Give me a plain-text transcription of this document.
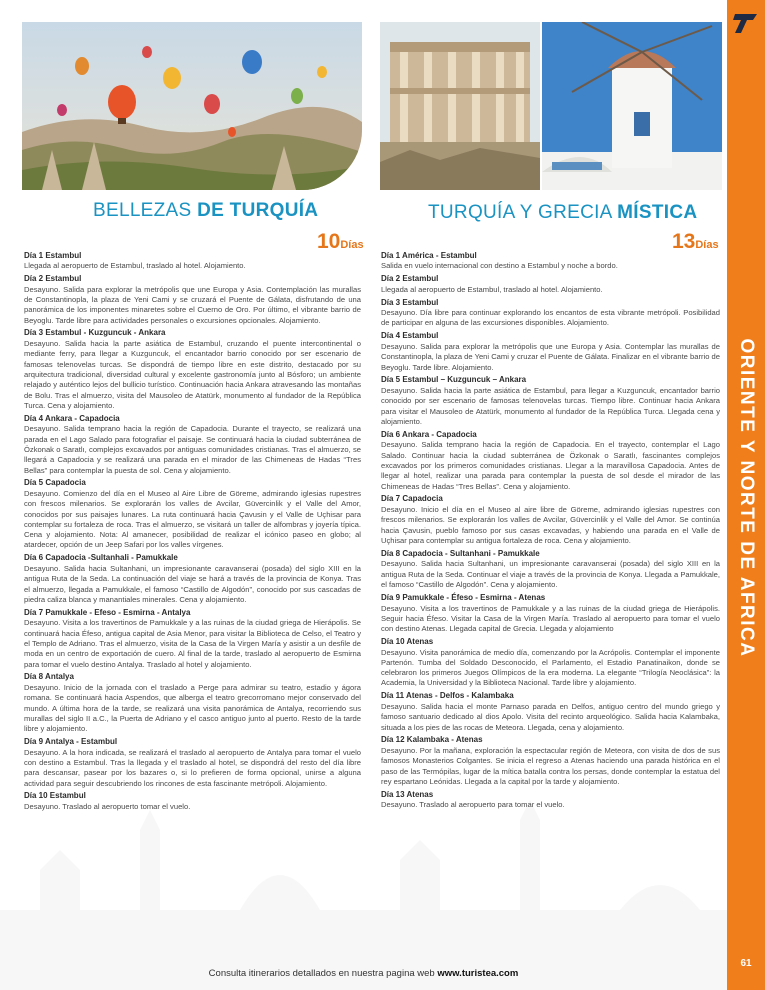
ORIENTE Y NORTE DE AFRICA
61
BELLEZAS DE TURQUÍA
10Días
TURQUÍA Y GRECIA MÍSTICA
13Días
Día 1 Estambul

Llegada al aeropuerto de Estambul, traslado al hotel. Alojamiento.

Día 2 Estambul

Desayuno. Salida para explorar la metrópolis que une Europa y Asia. Contemplación las murallas de Constantinopla, la plaza de Yeni Cami y se cruzará el Puente de Gálata, disfrutando de una panorámica de los imponentes minaretes sobre el Cuerno de Oro. Por último, el vibrante barrio de Beyoglu. Tarde libre para actividades personales o excursiones opcionales. Alojamiento.

Día 3 Estambul - Kuzguncuk - Ankara

Desayuno. Salida hacia la parte asiática de Estambul, cruzando el puente intercontinental o mediante ferry, para llegar a Kuzguncuk, el encantador barrio conocido por ser escenario de famosas telenovelas turcas. Se dispondrá de tiempo libre en este distrito, destacado por su arquitectura tradicional, diversidad cultural y excelente gastronomía junto al Bósforo; un ambiente relajado y auténtico lejos del bullicio turístico. Continuación hacia Ankara atravesando las montañas de Bolu. Tras el almuerzo, visita del Mausoleo de Atatürk, monumento al fundador de la República Turca. Cena y alojamiento.

Día 4 Ankara - Capadocia

Desayuno. Salida temprano hacia la región de Capadocia. Durante el trayecto, se realizará una parada en el Lago Salado para fotografiar el paisaje. Se continuará hacia la ciudad subterránea de Özkonak o Saratlı, complejos excavados por antiguas comunidades cristianas. Tras el almuerzo, se llegará a Capadocia y se realizará una parada en el mirador de las Chimeneas de Hadas “Tres Bellas” para contemplar la puesta de sol. Cena y alojamiento.

Día 5 Capadocia

Desayuno. Comienzo del día en el Museo al Aire Libre de Göreme, admirando iglesias rupestres con frescos milenarios. Se explorarán los valles de Avcilar, Güvercinlik y el Valle del Amor, conocidos por sus paisajes lunares. La ruta continuará hacia Çavusin y el Valle de Uçhisar para contemplar su fortaleza de roca. Tras el almuerzo, se visitará un taller de alfombras y joyería típica. Cena y alojamiento. Nota: Al amanecer, posibilidad de realizar el icónico paseo en globo; al atardecer, opción de un Jeep Safari por los valles vírgenes.

Día 6 Capadocia -Sultanhali - Pamukkale

Desayuno. Salida hacia Sultanhani, un impresionante caravanserai (posada) del siglo XIII en la antigua Ruta de la Seda. La continuación del viaje se hará a través de la provincia de Konya. Tras el almuerzo, llegada a Pamukkale, el famoso “Castillo de Algodón”, conocido por sus cascadas de piedra caliza blanca y manantiales minerales. Cena y alojamiento.

Día 7 Pamukkale - Efeso - Esmirna - Antalya

Desayuno. Visita a los travertinos de Pamukkale y a las ruinas de la ciudad griega de Hierápolis. Se continuará hacia Éfeso, antigua capital de Asia Menor, para visitar la Biblioteca de Celso, el Teatro y el Templo de Adriano. Tras el almuerzo, visita de la Casa de la Virgen María y asistir a un desfile de moda en un centro de exportación de cuero. Al final de la tarde, traslado al aeropuerto de Esmirna para tomar el vuelo destino Antalya. Traslado al hotel y alojamiento.

Día 8 Antalya

Desayuno. Inicio de la jornada con el traslado a Perge para admirar su teatro, estadio y ágora romana. Se continuará hacia Aspendos, que alberga el teatro grecorromano mejor conservado del mundo. A última hora de la tarde, se realizará una visita panorámica de Antalya, recorriendo sus murallas del siglo II a.C., la Puerta de Adriano y el casco antiguo junto al puerto. Resto de la tarde libre y alojamiento.

Día 9 Antalya - Estambul

Desayuno. A la hora indicada, se realizará el traslado al aeropuerto de Antalya para tomar el vuelo con destino a Estambul. Tras la llegada y el traslado al hotel, se dispondrá del resto del día libre para descansar, pasear por los bazares o, si lo prefieren de forma opcional, unirse a alguna actividad para seguir descubriendo los rincones de esta fascinante metrópoli. Alojamiento.

Día 10 Estambul

Desayuno. Traslado al aeropuerto tomar el vuelo.

Día 1 América - Estambul

Salida en vuelo internacional con destino a Estambul y noche a bordo.

Día 2 Estambul

Llegada al aeropuerto de Estambul, traslado al hotel. Alojamiento.

Día 3 Estambul

Desayuno. Día libre para continuar explorando los encantos de esta vibrante metrópoli. Posibilidad de participar en alguna de las excursiones disponibles. Alojamiento.

Día 4 Estambul

Desayuno. Salida para explorar la metrópolis que une Europa y Asia. Contemplar las murallas de Constantinopla, la plaza de Yeni Cami y cruzar el Puente de Gálata. Finalizar en el vibrante barrio de Beyoglu. Tarde libre. Alojamiento.

Día 5 Estambul – Kuzguncuk – Ankara

Desayuno. Salida hacia la parte asiática de Estambul, para llegar a Kuzguncuk, encantador barrio conocido por ser escenario de famosas telenovelas turcas. Tiempo libre. Continuar hacia Ankara para visitar el Mausoleo de Atatürk, monumento al fundador de la República Turca. Llegada cena y alojamiento.

Día 6 Ankara - Capadocia

Desayuno. Salida temprano hacia la región de Capadocia. En el trayecto, contemplar el Lago Salado. Continuar hacia la ciudad subterránea de Özkonak o Saratlı, fascinantes complejos excavados por los primeros comunidades cristianas. Llegar a la maravillosa Capadocia. Antes de llegar al hotel, realizar una parada para contemplar la puesta de sol desde el mirador de las Chimeneas de Hadas “Tres Bellas”. Cena y alojamiento.

Día 7 Capadocia

Desayuno. Inicio el día en el Museo al aire libre de Göreme, admirando iglesias rupestres con frescos milenarios. Se explorarán los valles de Avcilar, Güvercinlik y el Valle del Amor. Se continúa hacia Çavusin, pueblo famoso por sus casas excavadas, y habiendo una parada en el Valle de Uçhisar para contemplar su antigua fortaleza de roca. Cena y alojamiento.

Día 8 Capadocia - Sultanhani - Pamukkale

Desayuno. Salida hacia Sultanhani, un impresionante caravanserai (posada) del siglo XIII en la antigua Ruta de la Seda. Continuar el viaje a través de la provincia de Konya. Llegada a Pamukkale, el famoso “Castillo de Algodón”. Cena y alojamiento.

Día 9 Pamukkale - Éfeso - Esmirna - Atenas

Desayuno. Visita a los travertinos de Pamukkale y a las ruinas de la ciudad griega de Hierápolis. Seguir hacia Éfeso. Visitar la Casa de la Virgen María. Traslado al aeropuerto para tomar el vuelo con destino Atenas. Llegada capital de Grecia. Llegada y alojamiento

Día 10 Atenas

Desayuno. Visita panorámica de medio día, comenzando por la Acrópolis. Contemplar el imponente Partenón. Tumba del Soldado Desconocido, el Parlamento, el Estadio Panatinaikon, donde se celebraron los primeros Juegos Olímpicos de la era moderna. La elegante “Trilogía Neoclásica”: la Academia, la Universidad y la Biblioteca Nacional. Tarde libre y alojamiento.

Día 11 Atenas - Delfos - Kalambaka

Desayuno. Salida hacia el monte Parnaso parada en Delfos, antiguo centro del mundo griego y famoso santuario dedicado al dios Apolo. Visita del recinto arqueológico. Salida hacia Kalambaka, situada a los pies de las rocas de Meteora. Llegada, cena y alojamiento.

Día 12 Kalambaka - Atenas

Desayuno. Por la mañana, exploración la espectacular región de Meteora, con visita de dos de sus famosos Monasterios Colgantes. Se inicia el regreso a Atenas haciendo una parada histórica en el paso de las Termópilas, lugar de la mítica batalla contra los persas, donde contemplar la estatua del rey espartano Leónidas. Llegada a la capital por la tarde y alojamiento.

Día 13 Atenas

Desayuno. Traslado al aeropuerto para tomar el vuelo.

Consulta itinerarios detallados en nuestra pagina web www.turistea.com
